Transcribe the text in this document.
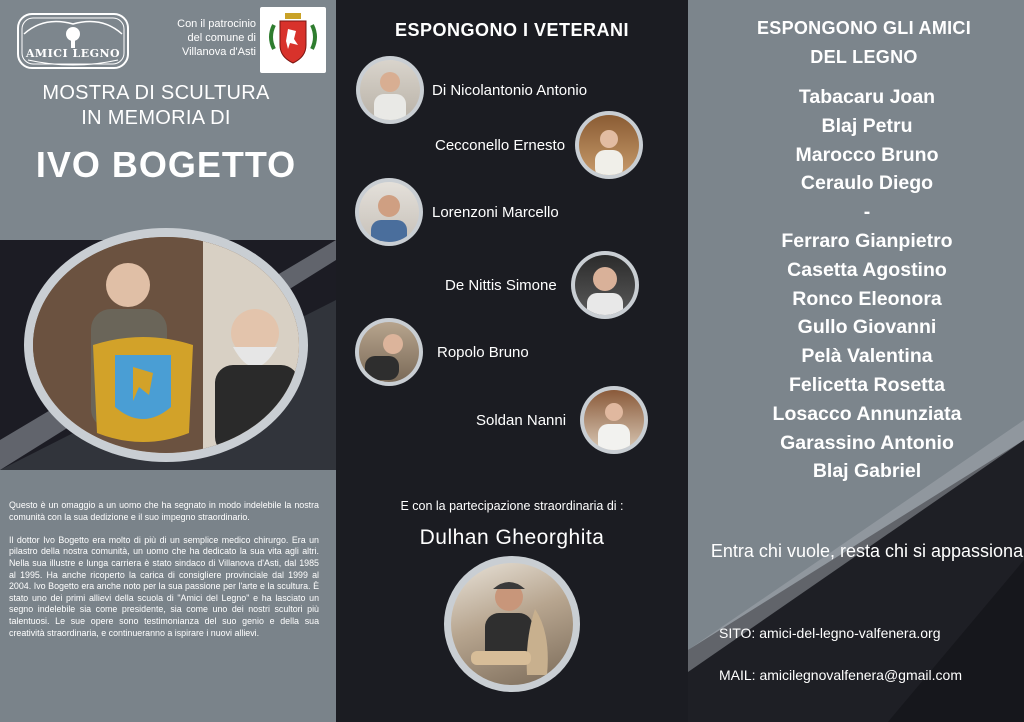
AMICI LEGNO
Con il patrocinio
del comune di
Villanova d'Asti
MOSTRA DI SCULTURA
IN MEMORIA DI
IVO BOGETTO

Questo è un omaggio a un uomo che ha segnato in modo indelebile la nostra comunità con la sua dedizione e il suo impegno straordinario.

Il dottor Ivo Bogetto era molto di più di un semplice medico chirurgo. Era un pilastro della nostra comunità, un uomo che ha dedicato la sua vita agli altri. Nella sua illustre e lunga carriera è stato sindaco di Villanova d'Asti, dal 1985 al 1995. Ha anche ricoperto la carica di consigliere provinciale dal 1999 al 2004. Ivo Bogetto era anche noto per la sua passione per l'arte e la scultura. È stato uno dei primi allievi della scuola di "Amici del Legno" e ha lasciato un segno indelebile sia come presidente, sia come uno dei nostri scultori più talentuosi. Le sue opere sono testimonianza del suo genio e della sua creatività straordinaria, e continueranno a ispirare i nuovi allievi.

ESPONGONO I VETERANI
Di Nicolantonio Antonio
Cecconello Ernesto
Lorenzoni Marcello
De Nittis Simone
Ropolo Bruno
Soldan Nanni
E con la partecipazione straordinaria di :
Dulhan Gheorghita
ESPONGONO GLI AMICI
DEL LEGNO
Tabacaru Joan
Blaj Petru
Marocco Bruno
Ceraulo Diego
-
Ferraro Gianpietro
Casetta Agostino
Ronco Eleonora
Gullo Giovanni
Pelà Valentina
Felicetta Rosetta
Losacco Annunziata
Garassino Antonio
Blaj Gabriel
Entra chi vuole, resta chi si appassiona
SITO: amici-del-legno-valfenera.org
MAIL: amicilegnovalfenera@gmail.com
